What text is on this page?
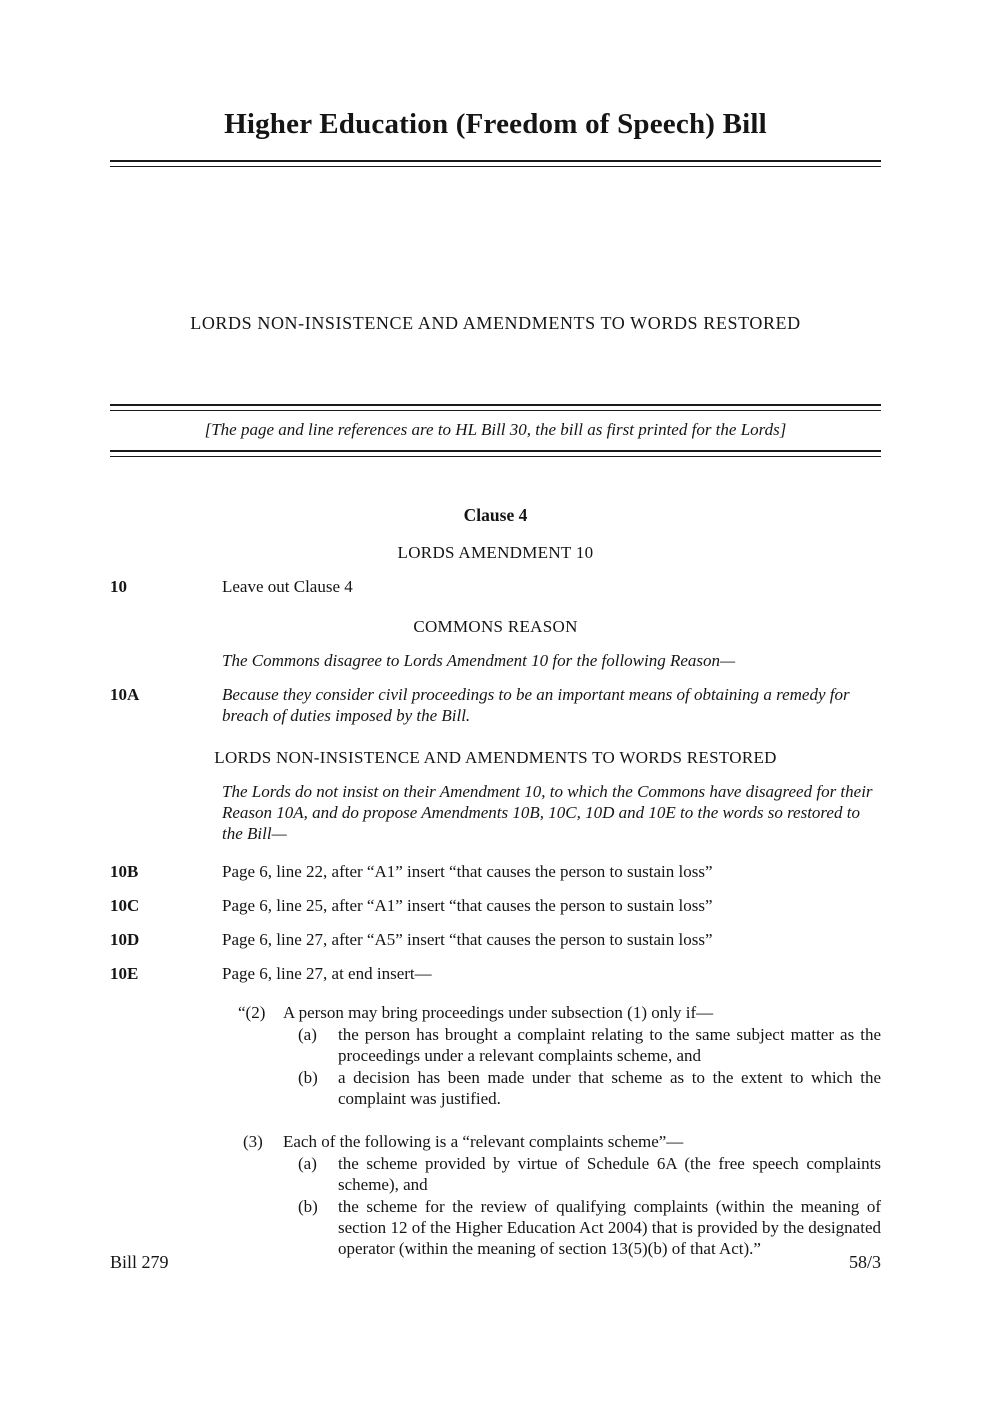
Higher Education (Freedom of Speech) Bill
LORDS NON-INSISTENCE AND AMENDMENTS TO WORDS RESTORED

[The page and line references are to HL Bill 30, the bill as first printed for the Lords]

Clause 4
LORDS AMENDMENT 10
10	Leave out Clause 4
COMMONS REASON

The Commons disagree to Lords Amendment 10 for the following Reason—

10A	Because they consider civil proceedings to be an important means of obtaining a remedy for breach of duties imposed by the Bill.
LORDS NON-INSISTENCE AND AMENDMENTS TO WORDS RESTORED

The Lords do not insist on their Amendment 10, to which the Commons have disagreed for their Reason 10A, and do propose Amendments 10B, 10C, 10D and 10E to the words so restored to the Bill—

10B	Page 6, line 22, after “A1” insert “that causes the person to sustain loss”
10C	Page 6, line 25, after “A1” insert “that causes the person to sustain loss”
10D	Page 6, line 27, after “A5” insert “that causes the person to sustain loss”
10E	Page 6, line 27, at end insert—
“(2)	A person may bring proceedings under subsection (1) only if—

(a)	the person has brought a complaint relating to the same subject matter as the proceedings under a relevant complaints scheme, and

(b)	a decision has been made under that scheme as to the extent to which the complaint was justified.

(3)	Each of the following is a “relevant complaints scheme”—

(a)	the scheme provided by virtue of Schedule 6A (the free speech complaints scheme), and

(b)	the scheme for the review of qualifying complaints (within the meaning of section 12 of the Higher Education Act 2004) that is provided by the designated operator (within the meaning of section 13(5)(b) of that Act).”

Bill 279	58/3
